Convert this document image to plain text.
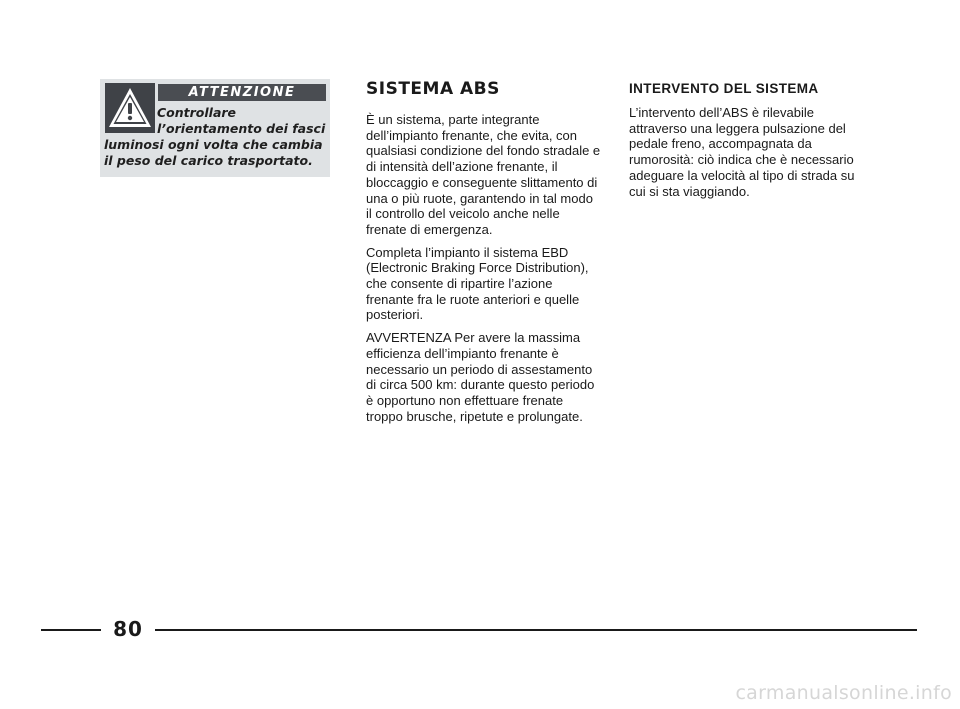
ATTENZIONE
Controllare l’orientamento dei fasci luminosi ogni volta che cambia il peso del carico trasportato.
SISTEMA ABS

È un sistema, parte integrante dell’impianto frenante, che evita, con qualsiasi condizione del fondo stradale e di intensità dell’azione frenante, il bloccaggio e conseguente slittamento di una o più ruote, garantendo in tal modo il controllo del veicolo anche nelle frenate di emergenza.

Completa l’impianto il sistema EBD (Electronic Braking Force Distribution), che consente di ripartire l’azione frenante fra le ruote anteriori e quelle posteriori.

AVVERTENZA Per avere la massima efficienza dell’impianto frenante è necessario un periodo di assestamento di circa 500 km: durante questo periodo è opportuno non effettuare frenate troppo brusche, ripetute e prolungate.

INTERVENTO DEL SISTEMA

L’intervento dell’ABS è rilevabile attraverso una leggera pulsazione del pedale freno, accompagnata da rumorosità: ciò indica che è necessario adeguare la velocità al tipo di strada su cui si sta viaggiando.

80
carmanualsonline.info
